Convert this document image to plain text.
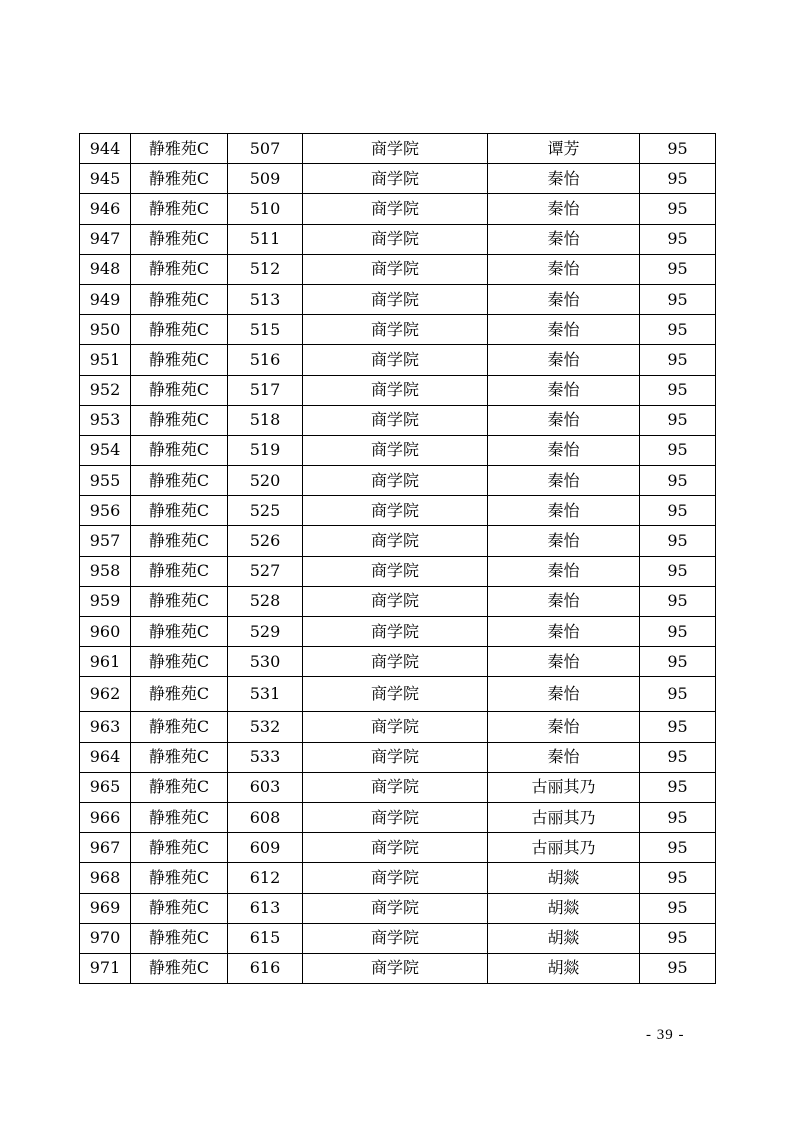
944	静雅苑C	507	商学院	谭芳	95
945	静雅苑C	509	商学院	秦怡	95
946	静雅苑C	510	商学院	秦怡	95
947	静雅苑C	511	商学院	秦怡	95
948	静雅苑C	512	商学院	秦怡	95
949	静雅苑C	513	商学院	秦怡	95
950	静雅苑C	515	商学院	秦怡	95
951	静雅苑C	516	商学院	秦怡	95
952	静雅苑C	517	商学院	秦怡	95
953	静雅苑C	518	商学院	秦怡	95
954	静雅苑C	519	商学院	秦怡	95
955	静雅苑C	520	商学院	秦怡	95
956	静雅苑C	525	商学院	秦怡	95
957	静雅苑C	526	商学院	秦怡	95
958	静雅苑C	527	商学院	秦怡	95
959	静雅苑C	528	商学院	秦怡	95
960	静雅苑C	529	商学院	秦怡	95
961	静雅苑C	530	商学院	秦怡	95
962	静雅苑C	531	商学院	秦怡	95
963	静雅苑C	532	商学院	秦怡	95
964	静雅苑C	533	商学院	秦怡	95
965	静雅苑C	603	商学院	古丽其乃	95
966	静雅苑C	608	商学院	古丽其乃	95
967	静雅苑C	609	商学院	古丽其乃	95
968	静雅苑C	612	商学院	胡燚	95
969	静雅苑C	613	商学院	胡燚	95
970	静雅苑C	615	商学院	胡燚	95
971	静雅苑C	616	商学院	胡燚	95
- 39 -
